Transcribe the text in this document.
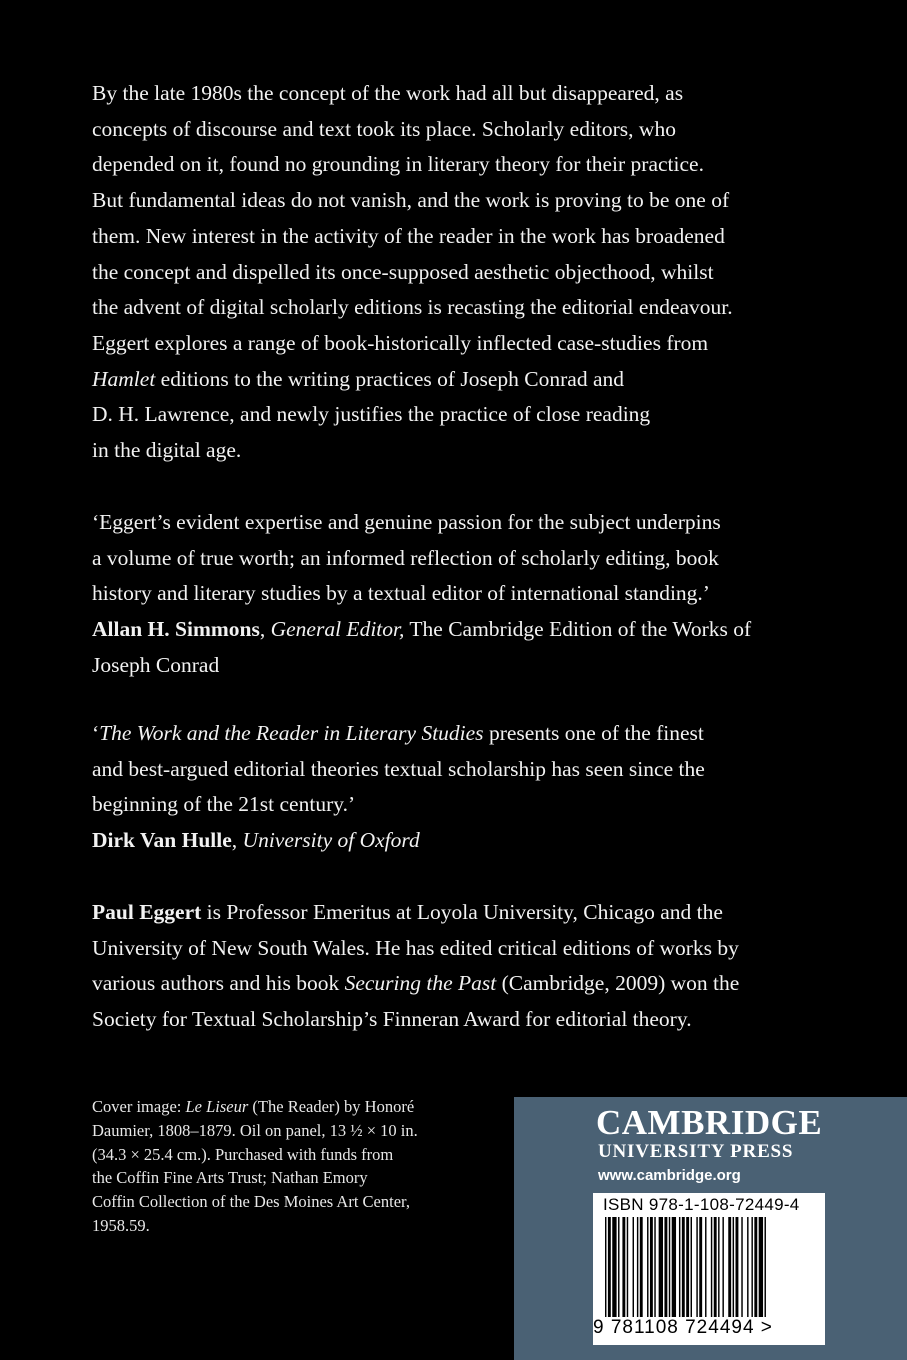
By the late 1980s the concept of the work had all but disappeared, as
concepts of discourse and text took its place. Scholarly editors, who
depended on it, found no grounding in literary theory for their practice.
But fundamental ideas do not vanish, and the work is proving to be one of
them. New interest in the activity of the reader in the work has broadened
the concept and dispelled its once-supposed aesthetic objecthood, whilst
the advent of digital scholarly editions is recasting the editorial endeavour.
Eggert explores a range of book-historically inflected case-studies from
Hamlet editions to the writing practices of Joseph Conrad and
D. H. Lawrence, and newly justifies the practice of close reading
in the digital age.
‘Eggert’s evident expertise and genuine passion for the subject underpins
a volume of true worth; an informed reflection of scholarly editing, book
history and literary studies by a textual editor of international standing.’
Allan H. Simmons, General Editor, The Cambridge Edition of the Works of
Joseph Conrad
‘The Work and the Reader in Literary Studies presents one of the finest
and best-argued editorial theories textual scholarship has seen since the
beginning of the 21st century.’
Dirk Van Hulle, University of Oxford
Paul Eggert is Professor Emeritus at Loyola University, Chicago and the
University of New South Wales. He has edited critical editions of works by
various authors and his book Securing the Past (Cambridge, 2009) won the
Society for Textual Scholarship’s Finneran Award for editorial theory.
Cover image: Le Liseur (The Reader) by Honoré
Daumier, 1808–1879. Oil on panel, 13 ½ × 10 in.
(34.3 × 25.4 cm.). Purchased with funds from
the Coffin Fine Arts Trust; Nathan Emory
Coffin Collection of the Des Moines Art Center,
1958.59.
CAMBRIDGE
UNIVERSITY PRESS
www.cambridge.org
ISBN 978-1-108-72449-4
9 781108 724494 >
